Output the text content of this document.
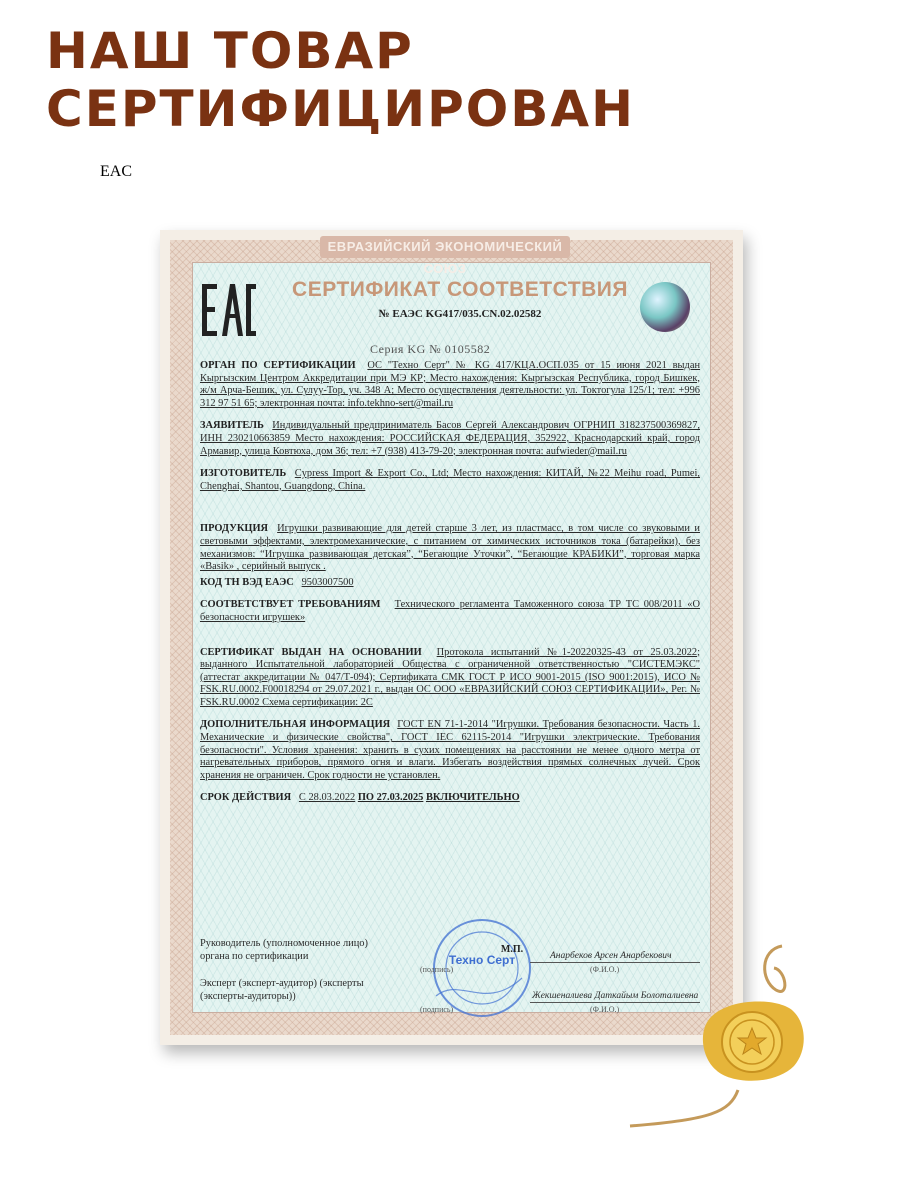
НАШ ТОВАР
СЕРТИФИЦИРОВАН
ЕВРАЗИЙСКИЙ ЭКОНОМИЧЕСКИЙ СОЮЗ
EAC
СЕРТИФИКАТ СООТВЕТСТВИЯ
№ ЕАЭС KG417/035.CN.02.02582
Серия KG № 0105582

ОРГАН ПО СЕРТИФИКАЦИИ ОС "Техно Серт" № KG 417/КЦА.ОСП.035 от 15 июня 2021 выдан Кыргызским Центром Аккредитации при МЭ КР; Место нахождения: Кыргызская Республика, город Бишкек, ж/м Арча-Бешик, ул. Сулуу-Тор, уч. 348 А; Место осуществления деятельности: ул. Токтогула 125/1; тел: +996 312 97 51 65; электронная почта: info.tekhno-sert@mail.ru

ЗАЯВИТЕЛЬ Индивидуальный предприниматель Басов Сергей Александрович ОГРНИП 318237500369827, ИНН 230210663859 Место нахождения: РОССИЙСКАЯ ФЕДЕРАЦИЯ, 352922, Краснодарский край, город Армавир, улица Ковтюха, дом 36; тел: +7 (938) 413-79-20; электронная почта: aufwieder@mail.ru

ИЗГОТОВИТЕЛЬ Cypress Import & Export Co., Ltd; Место нахождения: КИТАЙ, №22 Meihu road, Pumei, Chenghai, Shantou, Guangdong, China.

ПРОДУКЦИЯ Игрушки развивающие для детей старше 3 лет, из пластмасс, в том числе со звуковыми и световыми эффектами, электромеханические, с питанием от химических источников тока (батарейки), без механизмов: “Игрушка развивающая детская”, “Бегающие Уточки”, “Бегающие КРАБИКИ”, торговая марка «Basik» , серийный выпуск .

КОД ТН ВЭД ЕАЭС 9503007500

СООТВЕТСТВУЕТ ТРЕБОВАНИЯМ Технического регламента Таможенного союза ТР ТС 008/2011 «О безопасности игрушек»

СЕРТИФИКАТ ВЫДАН НА ОСНОВАНИИ Протокола испытаний №1-20220325-43 от 25.03.2022; выданного Испытательной лабораторией Общества с ограниченной ответственностью "СИСТЕМЭКС" (аттестат аккредитации № 047/Т-094); Сертификата СМК ГОСТ Р ИСО 9001-2015 (ISO 9001:2015), ИСО № FSK.RU.0002.F00018294 от 29.07.2021 г., выдан ОС ООО «ЕВРАЗИЙСКИЙ СОЮЗ СЕРТИФИКАЦИИ», Рег. № FSK.RU.0002 Схема сертификации: 2С

ДОПОЛНИТЕЛЬНАЯ ИНФОРМАЦИЯ ГОСТ EN 71-1-2014 "Игрушки. Требования безопасности. Часть 1. Механические и физические свойства", ГОСТ IEC 62115-2014 "Игрушки электрические. Требования безопасности". Условия хранения: хранить в сухих помещениях на расстоянии не менее одного метра от нагревательных приборов, прямого огня и влаги. Избегать воздействия прямых солнечных лучей. Срок хранения не ограничен. Срок годности не установлен.

СРОК ДЕЙСТВИЯ С 28.03.2022 ПО 27.03.2025 ВКЛЮЧИТЕЛЬНО

Техно Серт
М.П.
Руководитель (уполномоченное лицо) органа по сертификации
(подпись)
Анарбеков Арсен Анарбекович
(Ф.И.О.)
Эксперт (эксперт-аудитор) (эксперты (эксперты-аудиторы))
(подпись)
Жекшеналиева Даткайым Болоталиевна
(Ф.И.О.)
